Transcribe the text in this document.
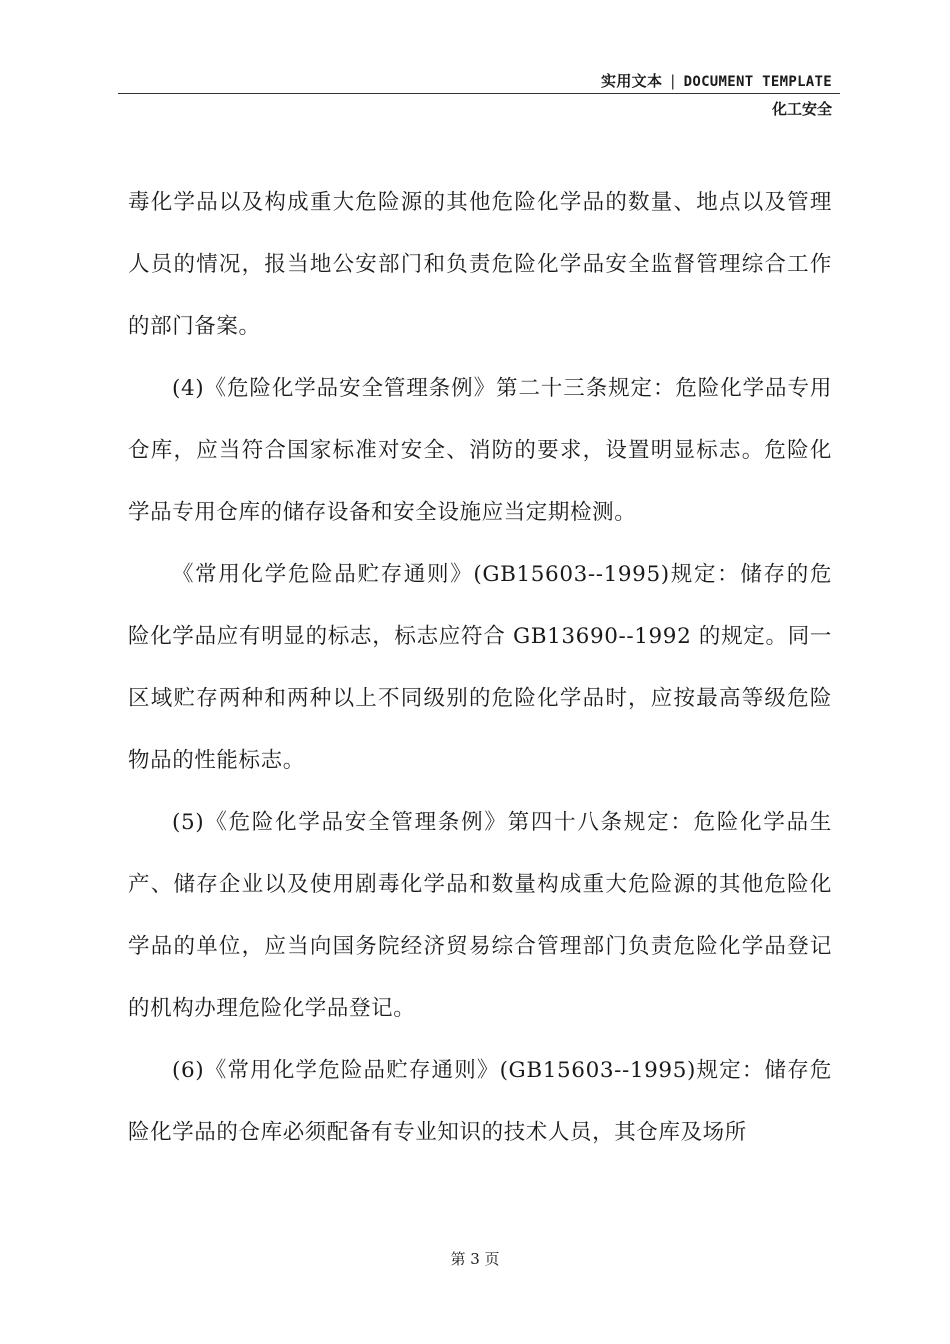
实用文本 | DOCUMENT TEMPLATE
化工安全

毒化学品以及构成重大危险源的其他危险化学品的数量、地点以及管理人员的情况，报当地公安部门和负责危险化学品安全监督管理综合工作的部门备案。

(4)《危险化学品安全管理条例》第二十三条规定：危险化学品专用仓库，应当符合国家标准对安全、消防的要求，设置明显标志。危险化学品专用仓库的储存设备和安全设施应当定期检测。

《常用化学危险品贮存通则》(GB15603--1995)规定：储存的危险化学品应有明显的标志，标志应符合 GB13690--1992 的规定。同一区域贮存两种和两种以上不同级别的危险化学品时，应按最高等级危险物品的性能标志。

(5)《危险化学品安全管理条例》第四十八条规定：危险化学品生产、储存企业以及使用剧毒化学品和数量构成重大危险源的其他危险化学品的单位，应当向国务院经济贸易综合管理部门负责危险化学品登记的机构办理危险化学品登记。

(6)《常用化学危险品贮存通则》(GB15603--1995)规定：储存危险化学品的仓库必须配备有专业知识的技术人员，其仓库及场所

第 3 页
